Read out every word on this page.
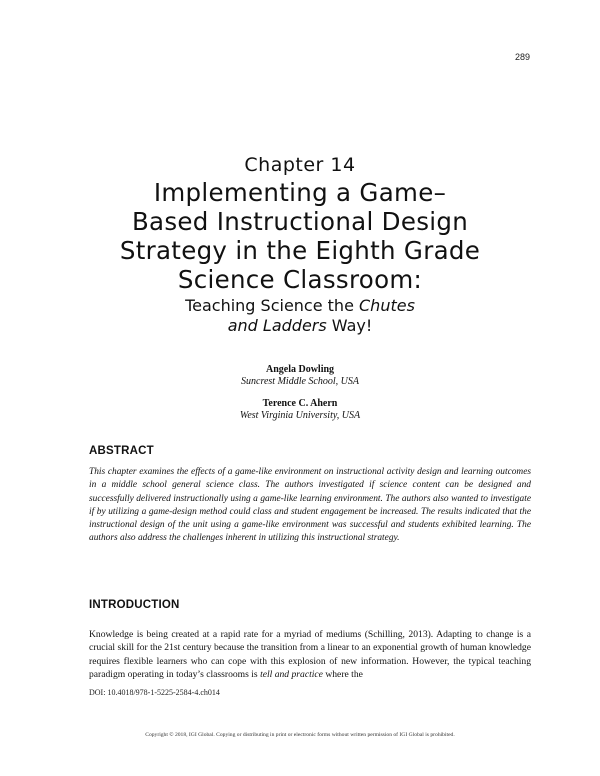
289
Chapter 14
Implementing a Game–
Based Instructional Design
Strategy in the Eighth Grade
Science Classroom:
Teaching Science the Chutes
and Ladders Way!
Angela Dowling
Suncrest Middle School, USA
Terence C. Ahern
West Virginia University, USA
ABSTRACT
This chapter examines the effects of a game-like environment on instructional activity design and learning outcomes in a middle school general science class. The authors investigated if science content can be designed and successfully delivered instructionally using a game-like learning environment. The authors also wanted to investigate if by utilizing a game-design method could class and student engagement be increased. The results indicated that the instructional design of the unit using a game-like environment was successful and students exhibited learning. The authors also address the challenges inherent in utilizing this instructional strategy.
INTRODUCTION
Knowledge is being created at a rapid rate for a myriad of mediums (Schilling, 2013). Adapting to change is a crucial skill for the 21st century because the transition from a linear to an exponential growth of human knowledge requires flexible learners who can cope with this explosion of new information. However, the typical teaching paradigm operating in today’s classrooms is tell and practice where the
DOI: 10.4018/978-1-5225-2584-4.ch014
Copyright © 2018, IGI Global. Copying or distributing in print or electronic forms without written permission of IGI Global is prohibited.
